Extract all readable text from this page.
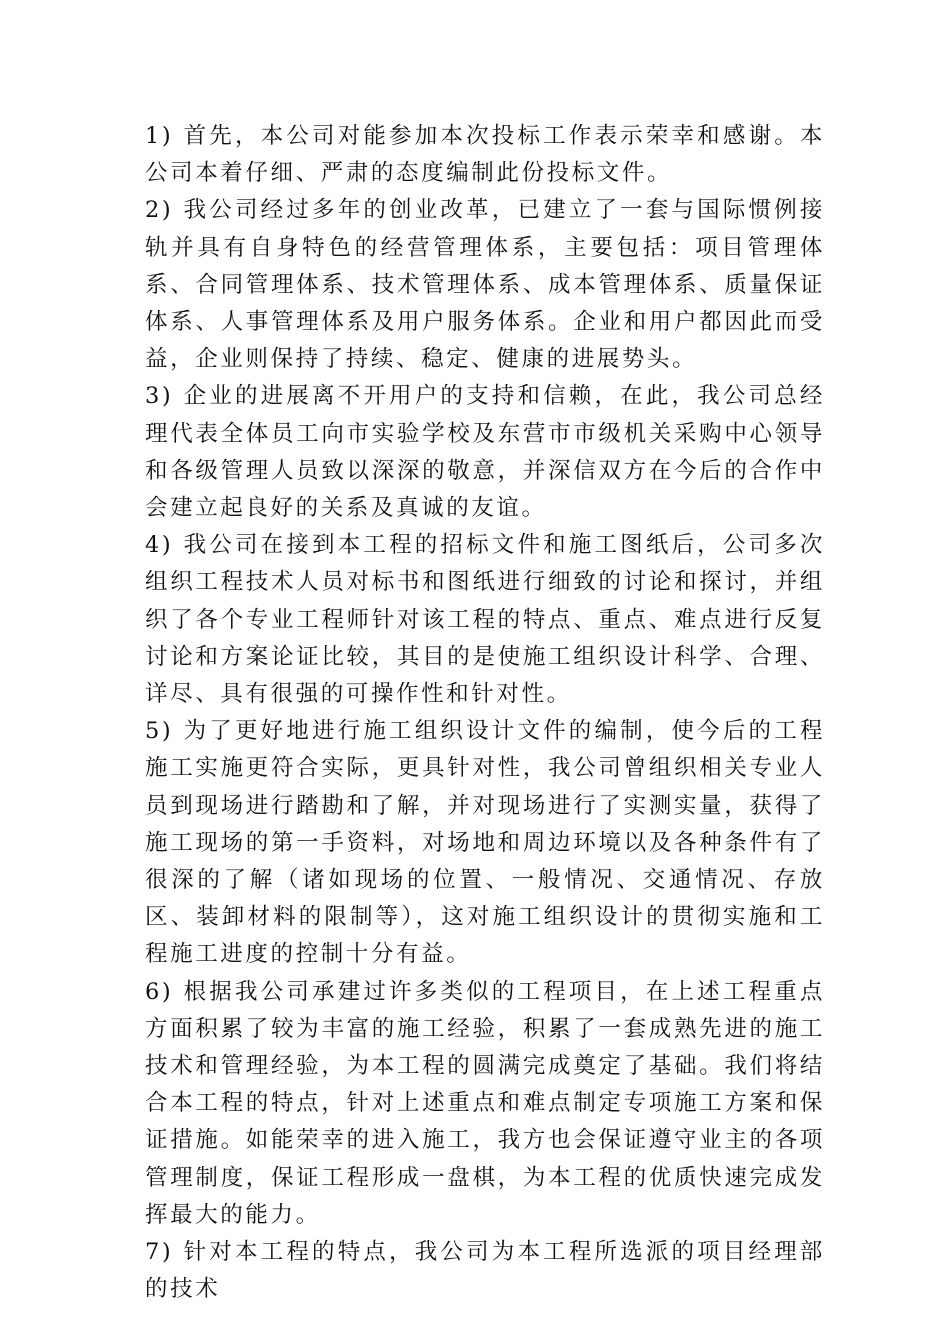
1) 首先，本公司对能参加本次投标工作表示荣幸和感谢。本公司本着仔细、严肃的态度编制此份投标文件。

2) 我公司经过多年的创业改革，已建立了一套与国际惯例接轨并具有自身特色的经营管理体系，主要包括：项目管理体系、合同管理体系、技术管理体系、成本管理体系、质量保证体系、人事管理体系及用户服务体系。企业和用户都因此而受益，企业则保持了持续、稳定、健康的进展势头。

3) 企业的进展离不开用户的支持和信赖，在此，我公司总经理代表全体员工向市实验学校及东营市市级机关采购中心领导和各级管理人员致以深深的敬意，并深信双方在今后的合作中会建立起良好的关系及真诚的友谊。

4) 我公司在接到本工程的招标文件和施工图纸后，公司多次组织工程技术人员对标书和图纸进行细致的讨论和探讨，并组织了各个专业工程师针对该工程的特点、重点、难点进行反复讨论和方案论证比较，其目的是使施工组织设计科学、合理、详尽、具有很强的可操作性和针对性。

5) 为了更好地进行施工组织设计文件的编制，使今后的工程施工实施更符合实际，更具针对性，我公司曾组织相关专业人员到现场进行踏勘和了解，并对现场进行了实测实量，获得了施工现场的第一手资料，对场地和周边环境以及各种条件有了很深的了解（诸如现场的位置、一般情况、交通情况、存放区、装卸材料的限制等），这对施工组织设计的贯彻实施和工程施工进度的控制十分有益。

6) 根据我公司承建过许多类似的工程项目，在上述工程重点方面积累了较为丰富的施工经验，积累了一套成熟先进的施工技术和管理经验，为本工程的圆满完成奠定了基础。我们将结合本工程的特点，针对上述重点和难点制定专项施工方案和保证措施。如能荣幸的进入施工，我方也会保证遵守业主的各项管理制度，保证工程形成一盘棋，为本工程的优质快速完成发挥最大的能力。

7) 针对本工程的特点，我公司为本工程所选派的项目经理部的技术
